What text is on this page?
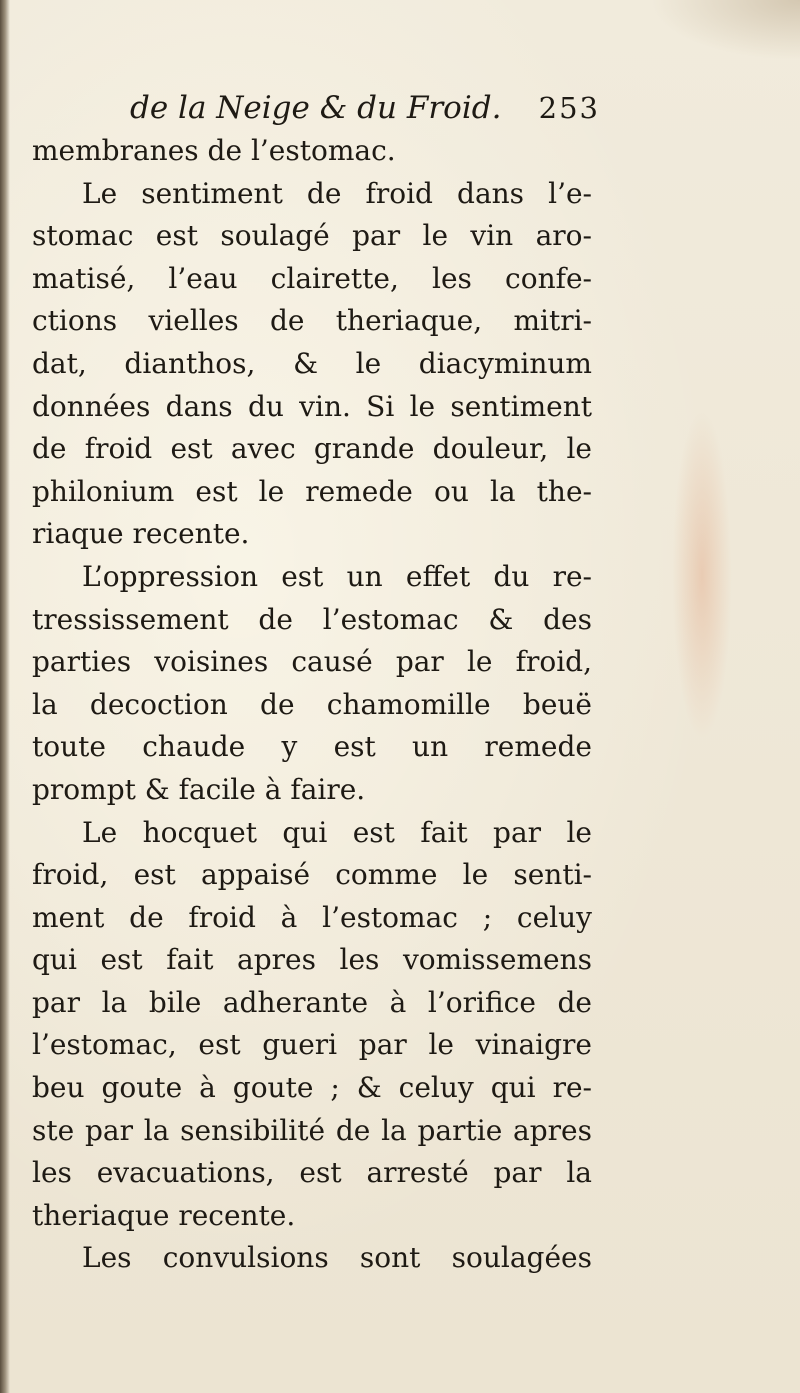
de la Neige & du Froid. 253
membranes de l’estomac.
Le sentiment de froid dans l’e-
stomac est soulagé par le vin aro-
matisé, l’eau clairette, les confe-
ctions vielles de theriaque, mitri-
dat, dianthos, & le diacyminum
données dans du vin. Si le sentiment
de froid est avec grande douleur, le
philonium est le remede ou la the-
riaque recente.
L’oppression est un effet du re-
tressissement de l’estomac & des
parties voisines causé par le froid,
la decoction de chamomille beuë
toute chaude y est un remede
prompt & facile à faire.
Le hocquet qui est fait par le
froid, est appaisé comme le senti-
ment de froid à l’estomac ; celuy
qui est fait apres les vomissemens
par la bile adherante à l’orifice de
l’estomac, est gueri par le vinaigre
beu goute à goute ; & celuy qui re-
ste par la sensibilité de la partie apres
les evacuations, est arresté par la
theriaque recente.
Les convulsions sont soulagées
